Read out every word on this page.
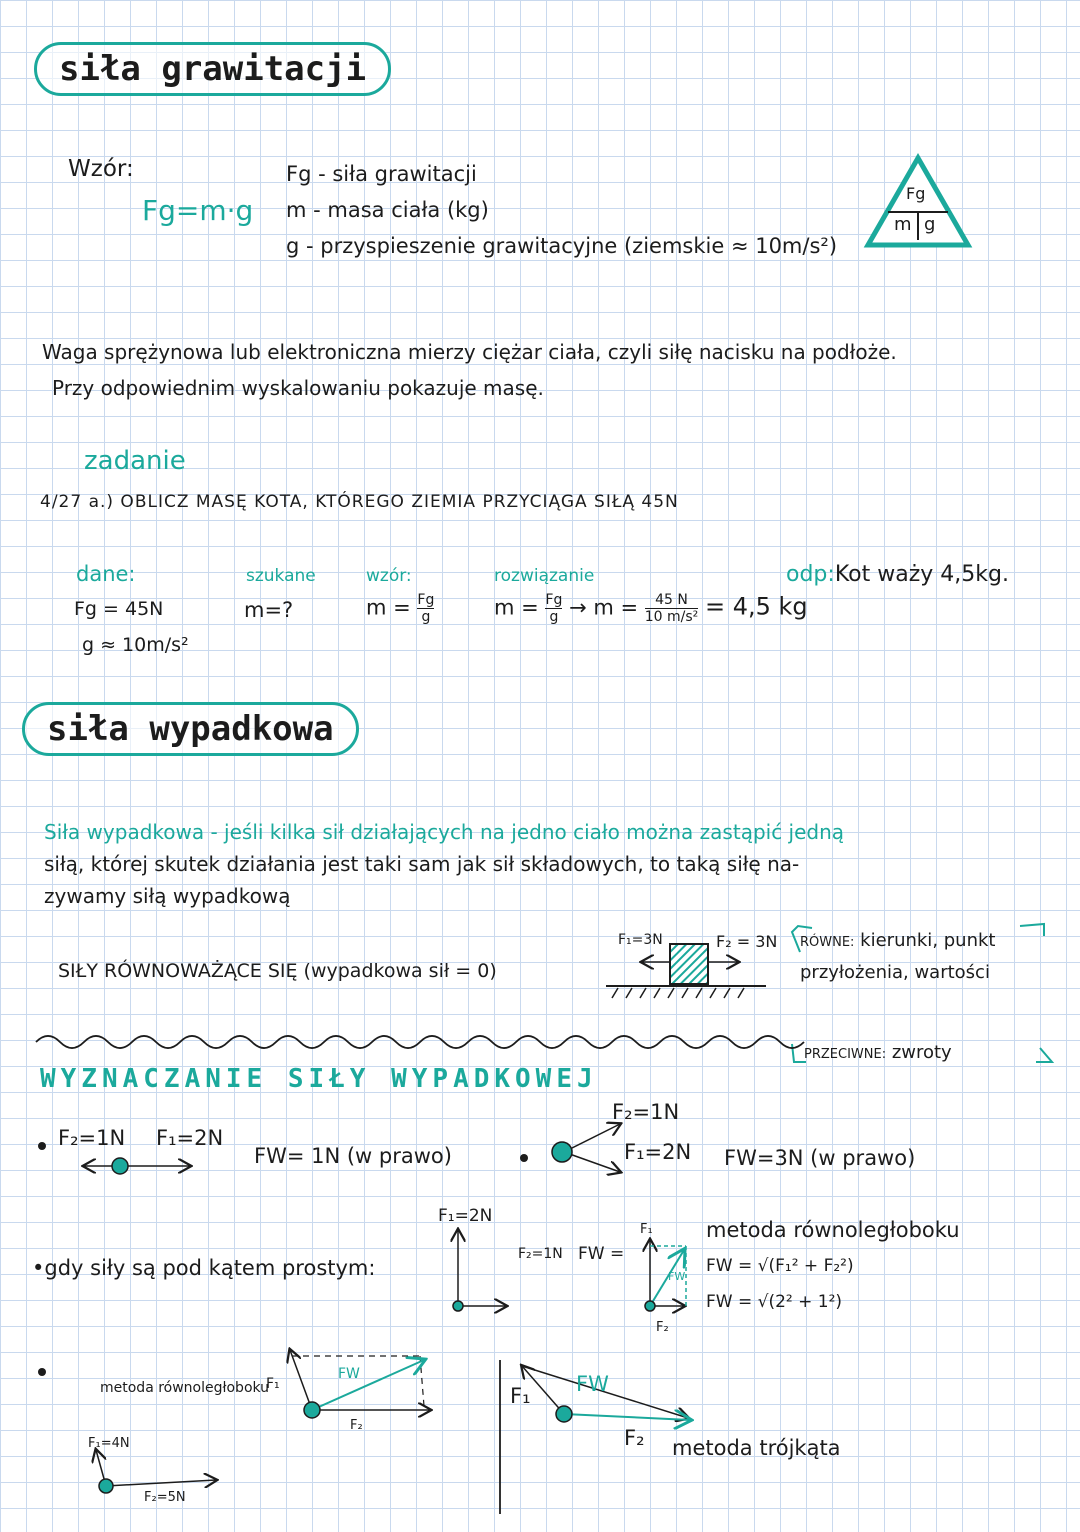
siła grawitacji
Wzór:
Fg=m·g
Fg - siła grawitacji
m - masa ciała (kg)
g - przyspieszenie grawitacyjne (ziemskie ≈ 10m/s²)
Fg
m g
Waga sprężynowa lub elektroniczna mierzy ciężar ciała, czyli siłę nacisku na podłoże.
Przy odpowiednim wyskalowaniu pokazuje masę.
zadanie
4/27 a.) OBLICZ MASĘ KOTA, KTÓREGO ZIEMIA PRZYCIĄGA SIŁĄ 45N
dane:
Fg = 45N
g ≈ 10m/s²
szukane
m=?
wzór:
$m = \frac{Fg}{g}$
rozwiązanie
$m = \frac{Fg}{g} \to m = \frac{45 N}{\text{10 m/s²}} = 4,5$ kg
odp:Kot waży 4,5kg.
siła wypadkowa
Siła wypadkowa - jeśli kilka sił działających na jedno ciało można zastąpić jedną
siłą, której skutek działania jest taki sam jak sił składowych, to taką siłę na-
zywamy siłą wypadkową
SIŁY RÓWNOWAŻĄCE SIĘ (wypadkowa sił = 0)
F₁=3N	F₂ = 3N RÓWNE: kierunki, punkt
przyłożenia, wartości
PRZECIWNE: zwroty
WYZNACZANIE SIŁY WYPADKOWEJ
F₂=1N F₁=2N
FW= 1N (w prawo)
F₂=1N
F₁=2N FW=3N (w prawo)
•gdy siły są pod kątem prostym:
F₁=2N
F₂=1N FW =
F₁
F₂
FW
metoda równoległoboku
FW = √(F₁² + F₂²)
FW = √(2² + 1²)
metoda równoległoboku
F₁=4N
F₂=5N
F₁
F₂
FW
F₁
F₂
FW
metoda trójkąta
